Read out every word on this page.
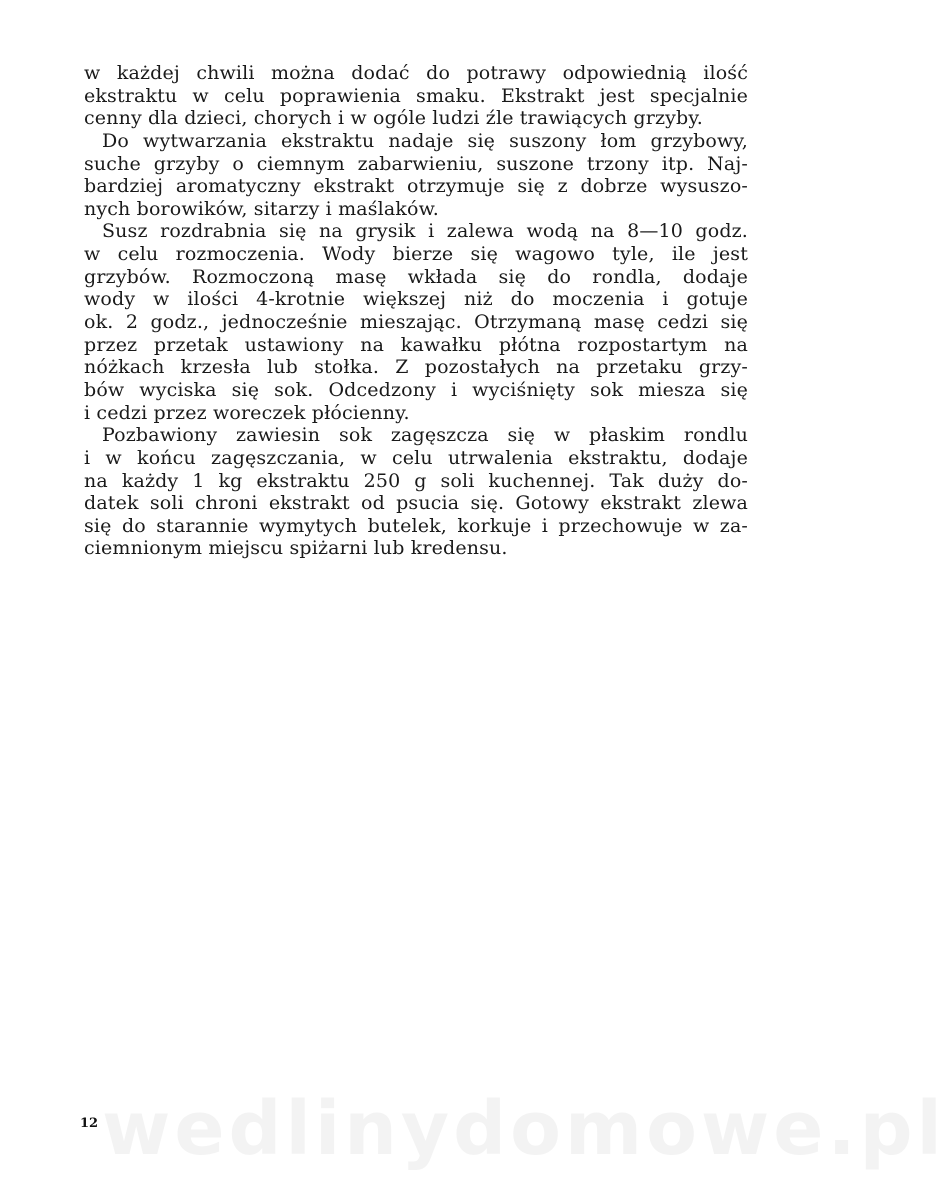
w każdej chwili można dodać do potrawy odpowiednią ilość
ekstraktu w celu poprawienia smaku. Ekstrakt jest specjalnie
cenny dla dzieci, chorych i w ogóle ludzi źle trawiących grzyby.
Do wytwarzania ekstraktu nadaje się suszony łom grzybowy,
suche grzyby o ciemnym zabarwieniu, suszone trzony itp. Naj-
bardziej aromatyczny ekstrakt otrzymuje się z dobrze wysuszo-
nych borowików, sitarzy i maślaków.
Susz rozdrabnia się na grysik i zalewa wodą na 8—10 godz.
w celu rozmoczenia. Wody bierze się wagowo tyle, ile jest
grzybów. Rozmoczoną masę wkłada się do rondla, dodaje
wody w ilości 4-krotnie większej niż do moczenia i gotuje
ok. 2 godz., jednocześnie mieszając. Otrzymaną masę cedzi się
przez przetak ustawiony na kawałku płótna rozpostartym na
nóżkach krzesła lub stołka. Z pozostałych na przetaku grzy-
bów wyciska się sok. Odcedzony i wyciśnięty sok miesza się
i cedzi przez woreczek płócienny.
Pozbawiony zawiesin sok zagęszcza się w płaskim rondlu
i w końcu zagęszczania, w celu utrwalenia ekstraktu, dodaje
na każdy 1 kg ekstraktu 250 g soli kuchennej. Tak duży do-
datek soli chroni ekstrakt od psucia się. Gotowy ekstrakt zlewa
się do starannie wymytych butelek, korkuje i przechowuje w za-
ciemnionym miejscu spiżarni lub kredensu.
wedlinydomowe.pl
12
